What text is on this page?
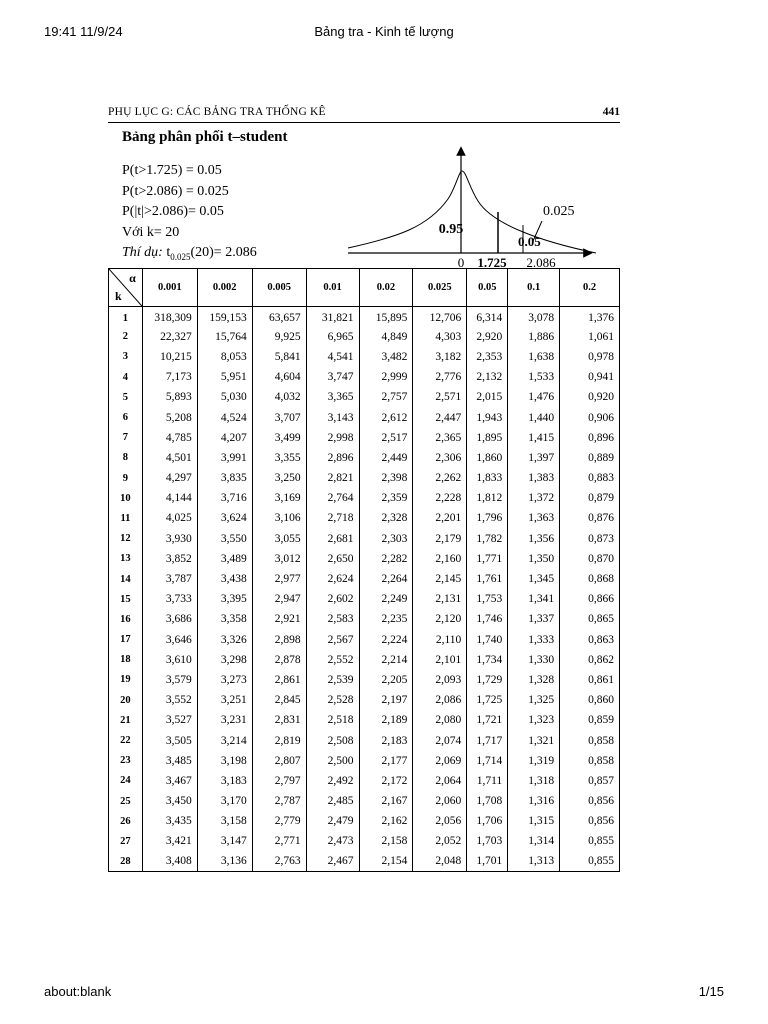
Bảng tra - Kinh tế lượng
19:41 11/9/24
PHỤ LỤC G: CÁC BẢNG TRA THỐNG KÊ	441
Bảng phân phối t–student
P(t>1.725) = 0.05
P(t>2.086) = 0.025
P(|t|>2.086)= 0.05
Với k= 20
Thí dụ: $t_{0.025}(20)= 2.086$
0.95
0.025
0.05
0 1.725 2.086
α
k	0.001	0.002	0.005	0.01	0.02	0.025	0.05	0.1	0.2
1	318,309	159,153	63,657	31,821	15,895	12,706	6,314	3,078	1,376
2	22,327	15,764	9,925	6,965	4,849	4,303	2,920	1,886	1,061
3	10,215	8,053	5,841	4,541	3,482	3,182	2,353	1,638	0,978
4	7,173	5,951	4,604	3,747	2,999	2,776	2,132	1,533	0,941
5	5,893	5,030	4,032	3,365	2,757	2,571	2,015	1,476	0,920
6	5,208	4,524	3,707	3,143	2,612	2,447	1,943	1,440	0,906
7	4,785	4,207	3,499	2,998	2,517	2,365	1,895	1,415	0,896
8	4,501	3,991	3,355	2,896	2,449	2,306	1,860	1,397	0,889
9	4,297	3,835	3,250	2,821	2,398	2,262	1,833	1,383	0,883
10	4,144	3,716	3,169	2,764	2,359	2,228	1,812	1,372	0,879
11	4,025	3,624	3,106	2,718	2,328	2,201	1,796	1,363	0,876
12	3,930	3,550	3,055	2,681	2,303	2,179	1,782	1,356	0,873
13	3,852	3,489	3,012	2,650	2,282	2,160	1,771	1,350	0,870
14	3,787	3,438	2,977	2,624	2,264	2,145	1,761	1,345	0,868
15	3,733	3,395	2,947	2,602	2,249	2,131	1,753	1,341	0,866
16	3,686	3,358	2,921	2,583	2,235	2,120	1,746	1,337	0,865
17	3,646	3,326	2,898	2,567	2,224	2,110	1,740	1,333	0,863
18	3,610	3,298	2,878	2,552	2,214	2,101	1,734	1,330	0,862
19	3,579	3,273	2,861	2,539	2,205	2,093	1,729	1,328	0,861
20	3,552	3,251	2,845	2,528	2,197	2,086	1,725	1,325	0,860
21	3,527	3,231	2,831	2,518	2,189	2,080	1,721	1,323	0,859
22	3,505	3,214	2,819	2,508	2,183	2,074	1,717	1,321	0,858
23	3,485	3,198	2,807	2,500	2,177	2,069	1,714	1,319	0,858
24	3,467	3,183	2,797	2,492	2,172	2,064	1,711	1,318	0,857
25	3,450	3,170	2,787	2,485	2,167	2,060	1,708	1,316	0,856
26	3,435	3,158	2,779	2,479	2,162	2,056	1,706	1,315	0,856
27	3,421	3,147	2,771	2,473	2,158	2,052	1,703	1,314	0,855
28	3,408	3,136	2,763	2,467	2,154	2,048	1,701	1,313	0,855
about:blank	1/15
